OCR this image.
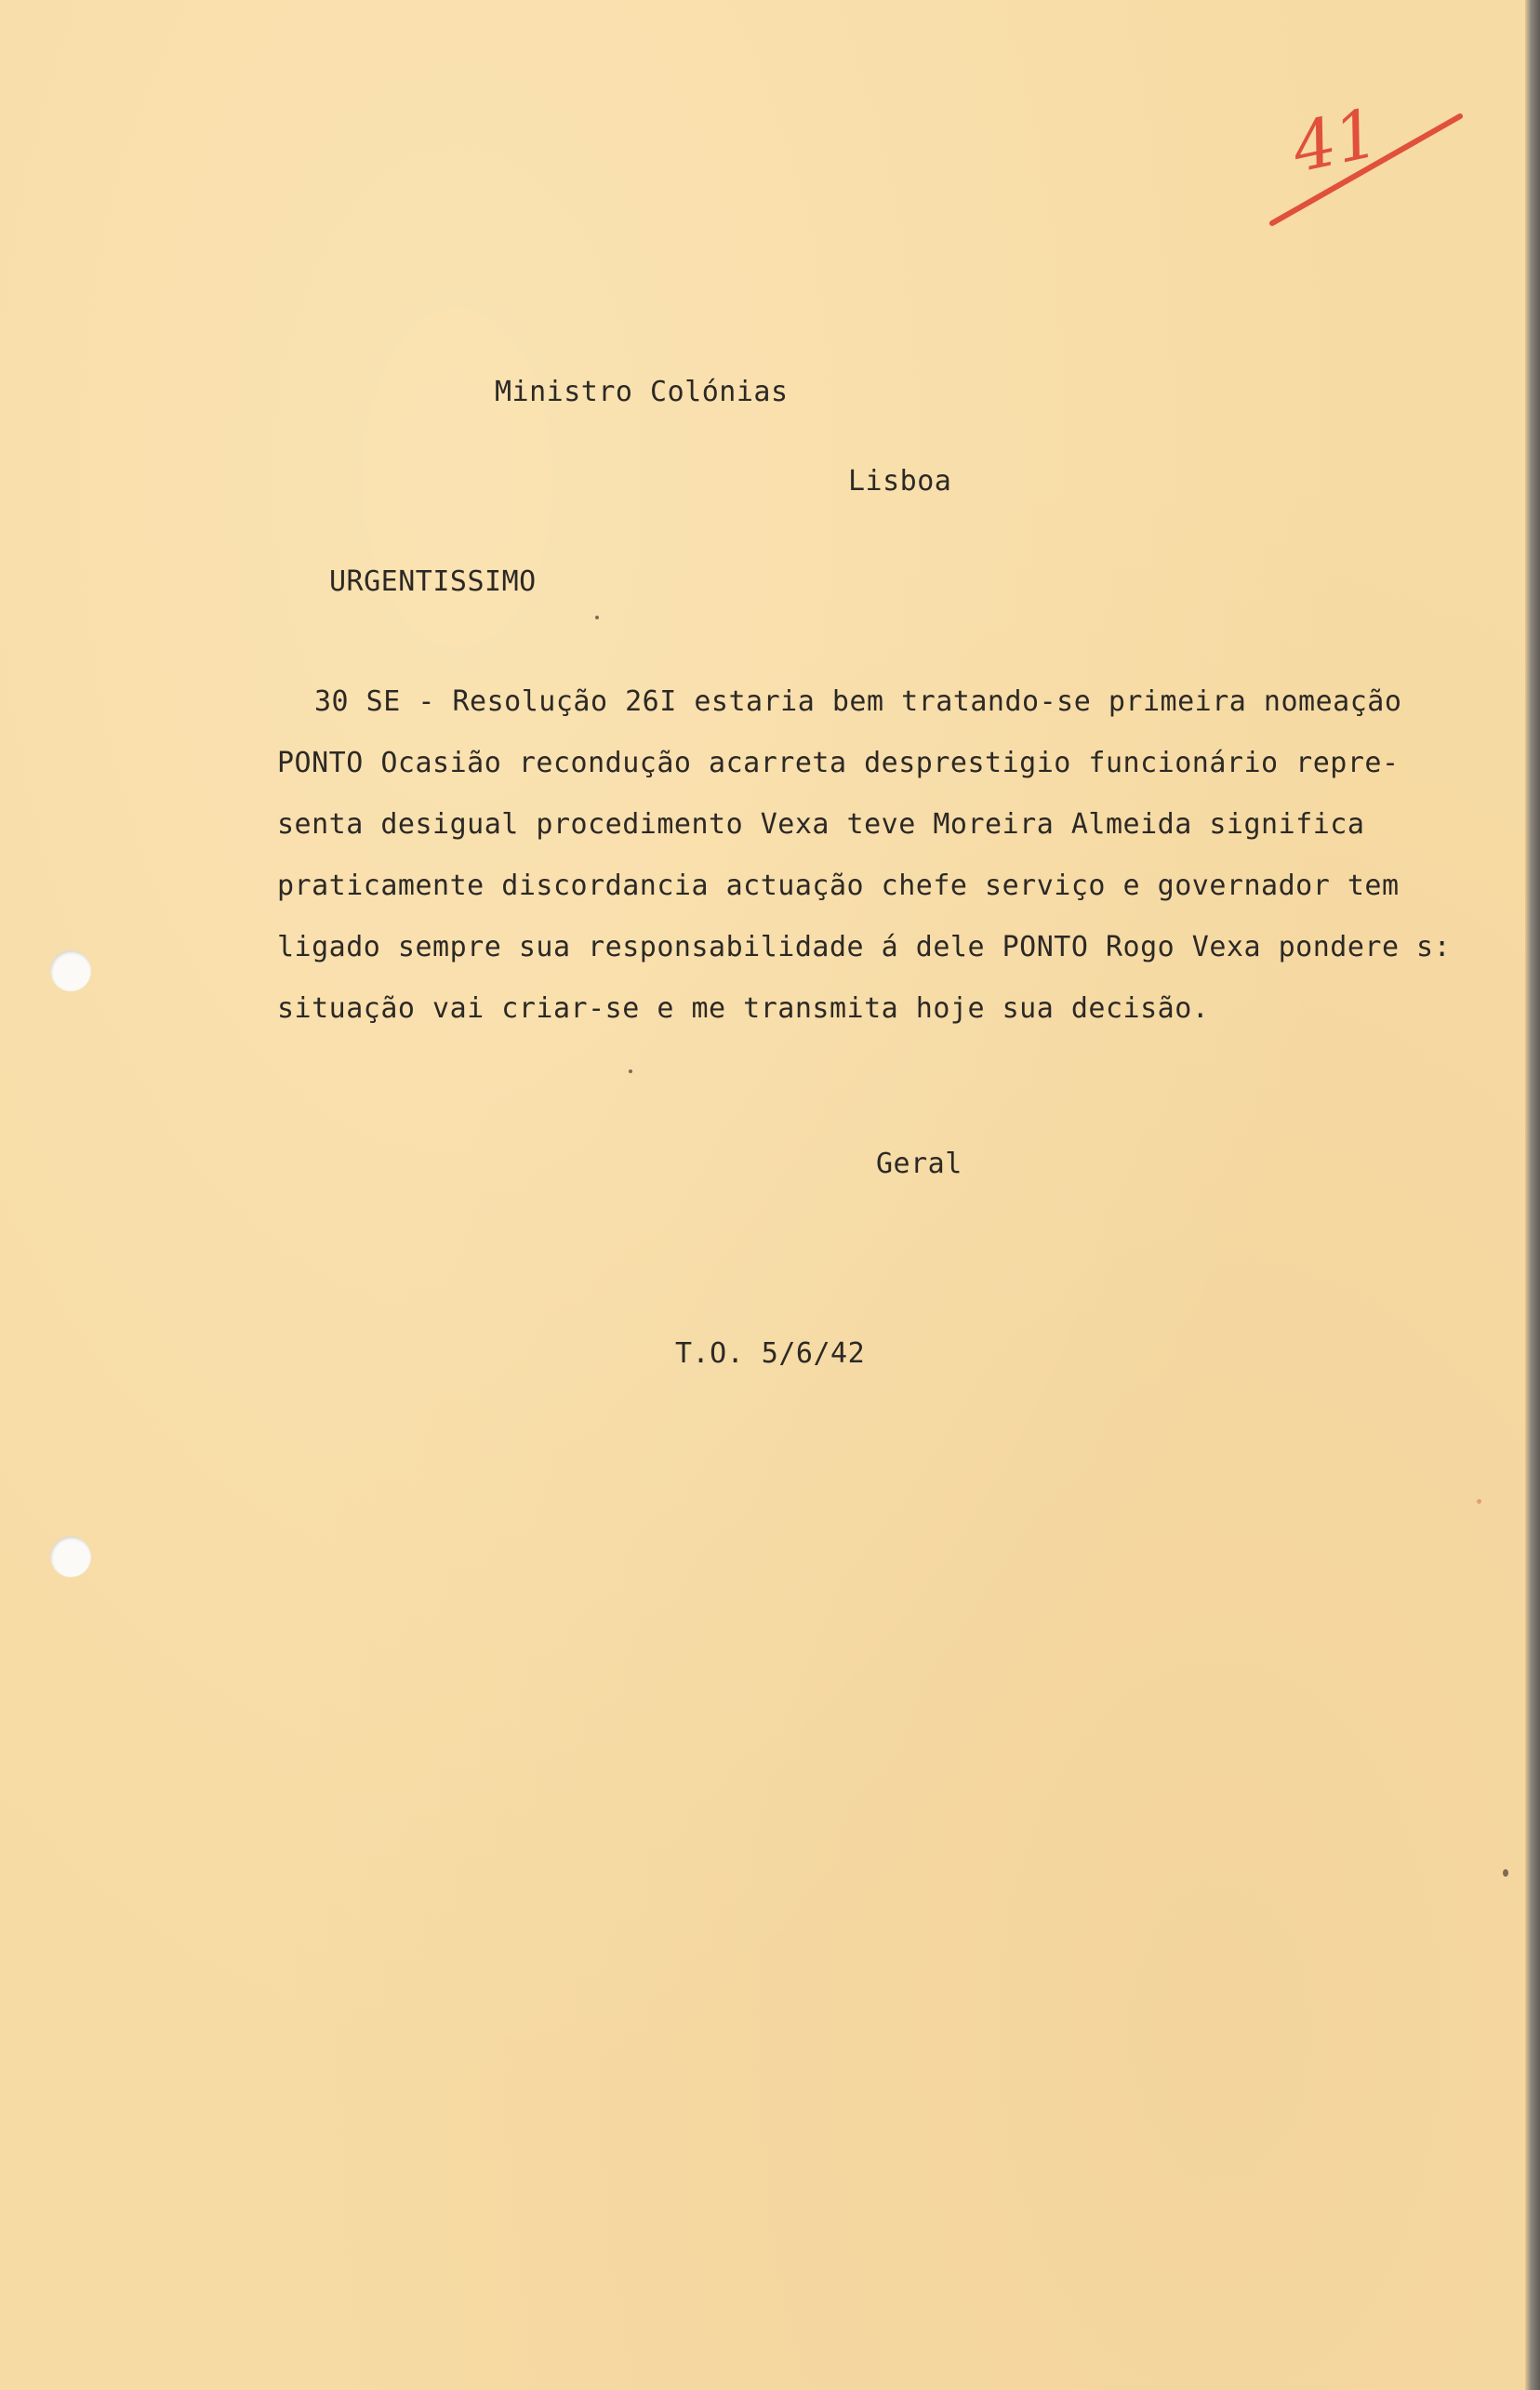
41

Ministro Colónias

Lisboa

URGENTISSIMO

30 SE - Resolução 26I estaria bem tratando-se primeira nomeação
PONTO Ocasião recondução acarreta desprestigio funcionário repre-
senta desigual procedimento Vexa teve Moreira Almeida significa
praticamente discordancia actuação chefe serviço e governador tem
ligado sempre sua responsabilidade á dele PONTO Rogo Vexa pondere s:
situação vai criar-se e me transmita hoje sua decisão.

Geral

T.O. 5/6/42
